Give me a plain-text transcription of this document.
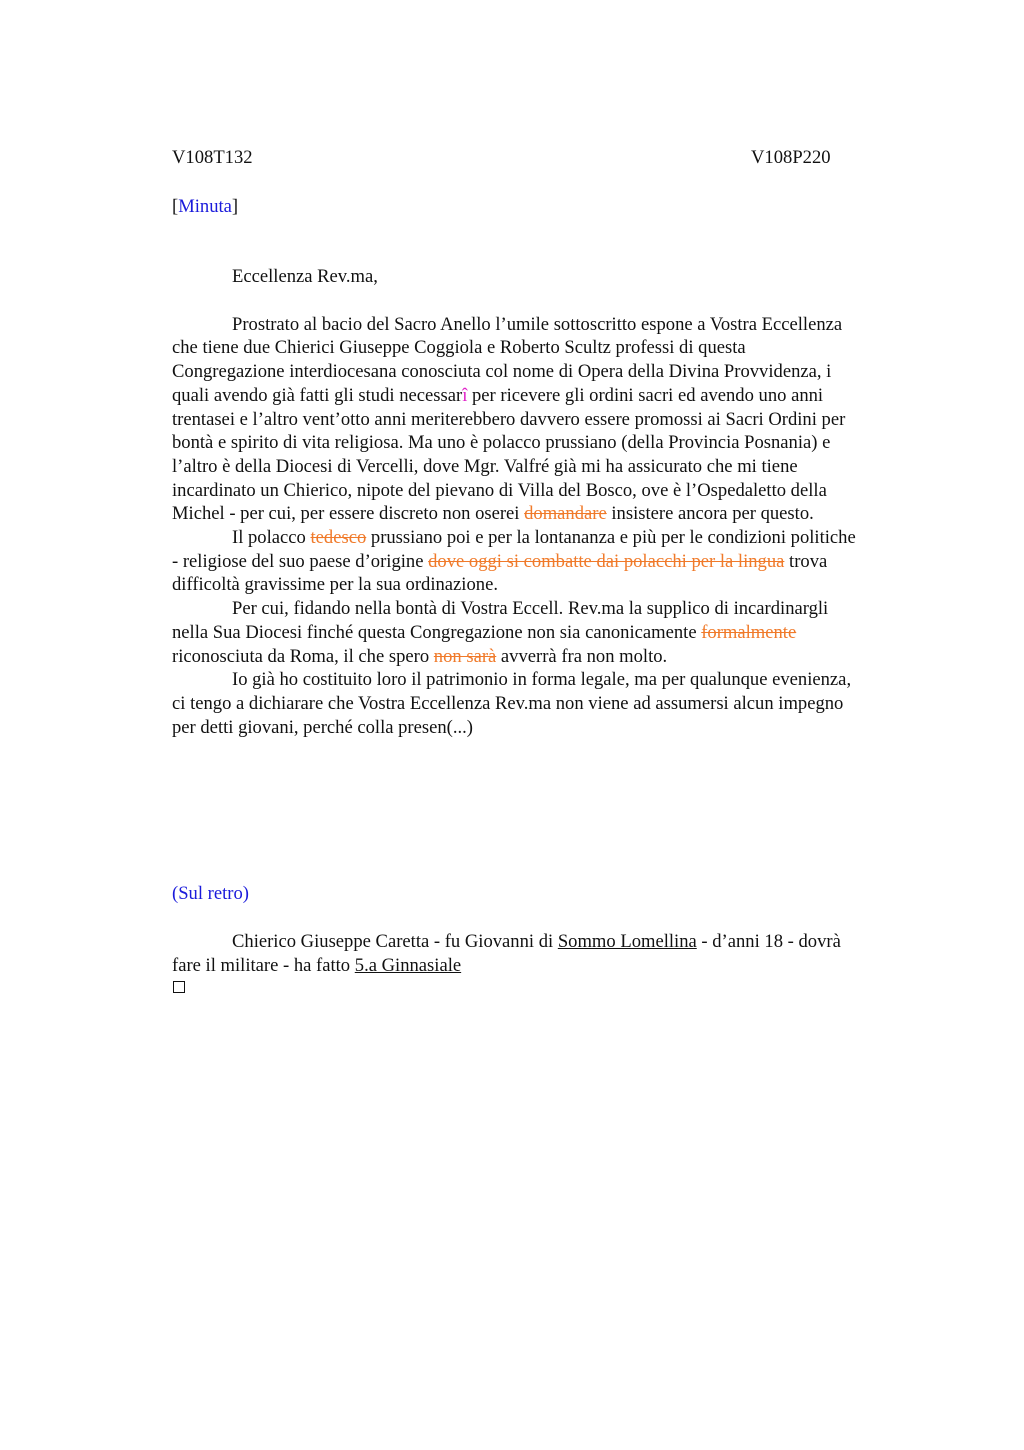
V108T132	V108P220
[Minuta]
Eccellenza Rev.ma,
Prostrato al bacio del Sacro Anello l’umile sottoscritto espone a Vostra Eccellenza
che tiene due Chierici Giuseppe Coggiola e Roberto Scultz professi di questa
Congregazione interdiocesana conosciuta col nome di Opera della Divina Provvidenza, i
quali avendo già fatti gli studi necessarî per ricevere gli ordini sacri ed avendo uno anni
trentasei e l’altro vent’otto anni meriterebbero davvero essere promossi ai Sacri Ordini per
bontà e spirito di vita religiosa. Ma uno è polacco prussiano (della Provincia Posnania) e
l’altro è della Diocesi di Vercelli, dove Mgr. Valfré già mi ha assicurato che mi tiene
incardinato un Chierico, nipote del pievano di Villa del Bosco, ove è l’Ospedaletto della
Michel - per cui, per essere discreto non oserei domandare insistere ancora per questo.
Il polacco tedesco prussiano poi e per la lontananza e più per le condizioni politiche
- religiose del suo paese d’origine dove oggi si combatte dai polacchi per la lingua trova
difficoltà gravissime per la sua ordinazione.
Per cui, fidando nella bontà di Vostra Eccell. Rev.ma la supplico di incardinargli
nella Sua Diocesi finché questa Congregazione non sia canonicamente formalmente
riconosciuta da Roma, il che spero non sarà avverrà fra non molto.
Io già ho costituito loro il patrimonio in forma legale, ma per qualunque evenienza,
ci tengo a dichiarare che Vostra Eccellenza Rev.ma non viene ad assumersi alcun impegno
per detti giovani, perché colla presen(...)
(Sul retro)
Chierico Giuseppe Caretta - fu Giovanni di Sommo Lomellina - d’anni 18 - dovrà
fare il militare - ha fatto 5.a Ginnasiale
